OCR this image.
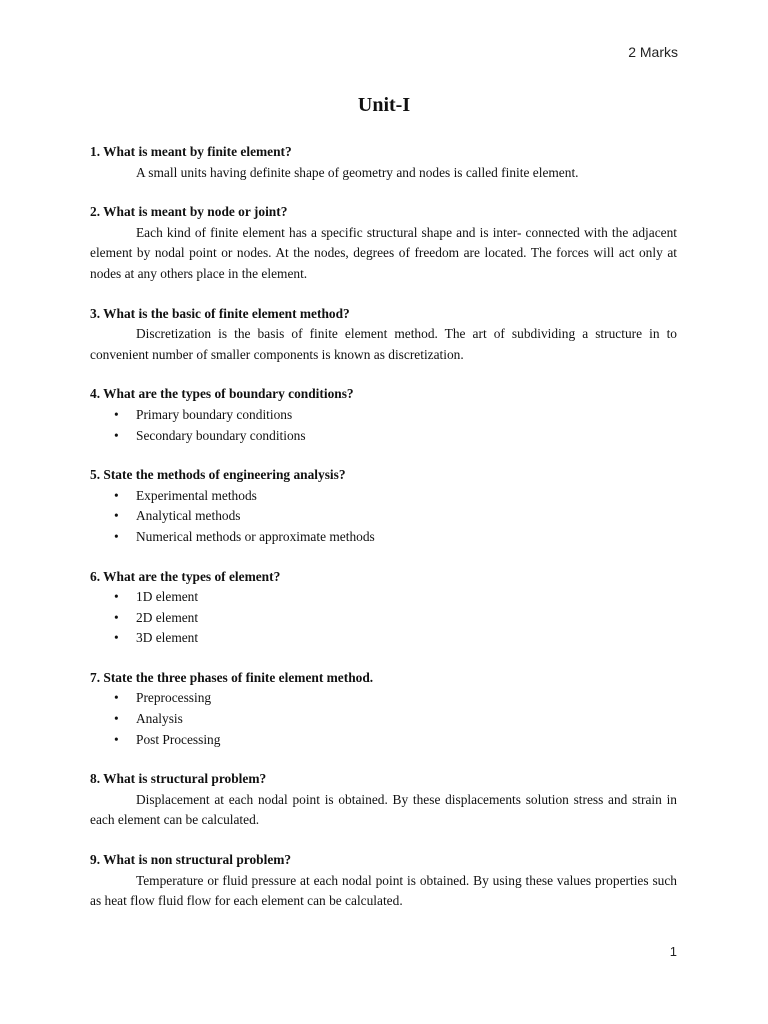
2 Marks
Unit-I
1. What is meant by finite element?

A small units having definite shape of geometry and nodes is called finite element.

2. What is meant by node or joint?

Each kind of finite element has a specific structural shape and is inter- connected with the adjacent element by nodal point or nodes. At the nodes, degrees of freedom are located. The forces will act only at nodes at any others place in the element.

3. What is the basic of finite element method?

Discretization is the basis of finite element method. The art of subdividing a structure in to convenient number of smaller components is known as discretization.

4. What are the types of boundary conditions?
• Primary boundary conditions
• Secondary boundary conditions
5. State the methods of engineering analysis?
• Experimental methods
• Analytical methods
• Numerical methods or approximate methods
6. What are the types of element?
• 1D element
• 2D element
• 3D element
7. State the three phases of finite element method.
• Preprocessing
• Analysis
• Post Processing
8. What is structural problem?

Displacement at each nodal point is obtained. By these displacements solution stress and strain in each element can be calculated.

9. What is non structural problem?

Temperature or fluid pressure at each nodal point is obtained. By using these values properties such as heat flow fluid flow for each element can be calculated.

1
